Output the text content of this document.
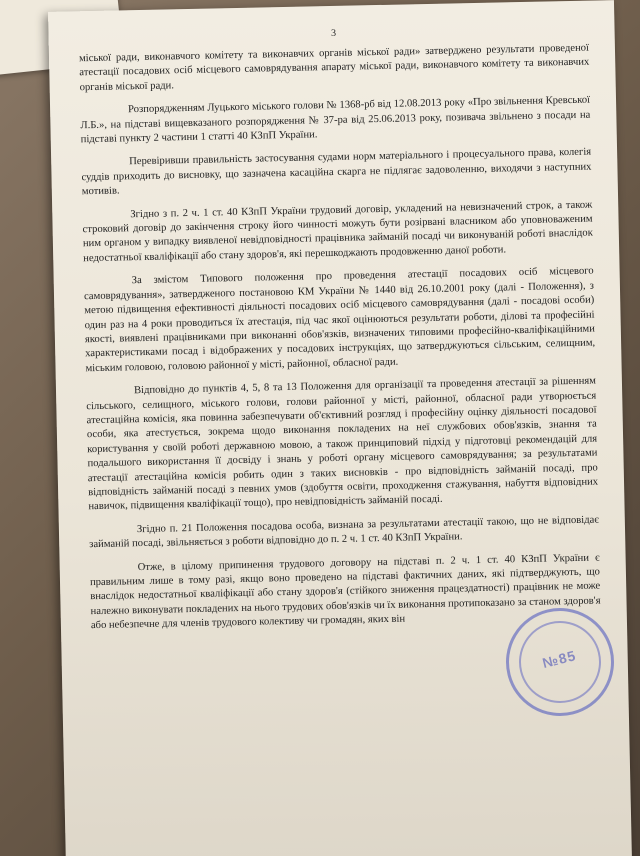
3

міської ради, виконавчого комітету та виконавчих органів міської ради» затверджено результати проведеної атестації посадових осіб місцевого самоврядування апарату міської ради, виконавчого комітету та виконавчих органів міської ради.

Розпорядженням Луцького міського голови № 1368-рб від 12.08.2013 року «Про звільнення Кревської Л.Б.», на підставі вищевказаного розпорядження № 37-ра від 25.06.2013 року, позивача звільнено з посади на підставі пункту 2 частини 1 статті 40 КЗпП України.

Перевіривши правильність застосування судами норм матеріального і процесуального права, колегія суддів приходить до висновку, що зазначена касаційна скарга не підлягає задоволенню, виходячи з наступних мотивів.

Згідно з п. 2 ч. 1 ст. 40 КЗпП України трудовий договір, укладений на невизначений строк, а також строковий договір до закінчення строку його чинності можуть бути розірвані власником або уповноваженим ним органом у випадку виявленої невідповідності працівника займаній посаді чи виконуваній роботі внаслідок недостатньої кваліфікації або стану здоров'я, які перешкоджають продовженню даної роботи.

За змістом Типового положення про проведення атестації посадових осіб місцевого самоврядування», затвердженого постановою КМ України № 1440 від 26.10.2001 року (далі - Положення), з метою підвищення ефективності діяльності посадових осіб місцевого самоврядування (далі - посадові особи) один раз на 4 роки проводиться їх атестація, під час якої оцінюються результати роботи, ділові та професійні якості, виявлені працівниками при виконанні обов'язків, визначених типовими професійно-кваліфікаційними характеристиками посад і відображених у посадових інструкціях, що затверджуються сільським, селищним, міським головою, головою районної у місті, районної, обласної ради.

Відповідно до пунктів 4, 5, 8 та 13 Положення для організації та проведення атестації за рішенням сільського, селищного, міського голови, голови районної у місті, районної, обласної ради утворюється атестаційна комісія, яка повинна забезпечувати об'єктивний розгляд і професійну оцінку діяльності посадової особи, яка атестується, зокрема щодо виконання покладених на неї службових обов'язків, знання та користування у своїй роботі державною мовою, а також принциповий підхід у підготовці рекомендацій для подальшого використання її досвіду і знань у роботі органу місцевого самоврядування; за результатами атестації атестаційна комісія робить один з таких висновків - про відповідність займаній посаді, про відповідність займаній посаді з певних умов (здобуття освіти, проходження стажування, набуття відповідних навичок, підвищення кваліфікації тощо), про невідповідність займаній посаді.

Згідно п. 21 Положення посадова особа, визнана за результатами атестації такою, що не відповідає займаній посаді, звільняється з роботи відповідно до п. 2 ч. 1 ст. 40 КЗпП України.

Отже, в цілому припинення трудового договору на підставі п. 2 ч. 1 ст. 40 КЗпП України є правильним лише в тому разі, якщо воно проведено на підставі фактичних даних, які підтверджують, що внаслідок недостатньої кваліфікації або стану здоров'я (стійкого зниження працездатності) працівник не може належно виконувати покладених на нього трудових обов'язків чи їх виконання протипоказано за станом здоров'я або небезпечне для членів трудового колективу чи громадян, яких він

№85
